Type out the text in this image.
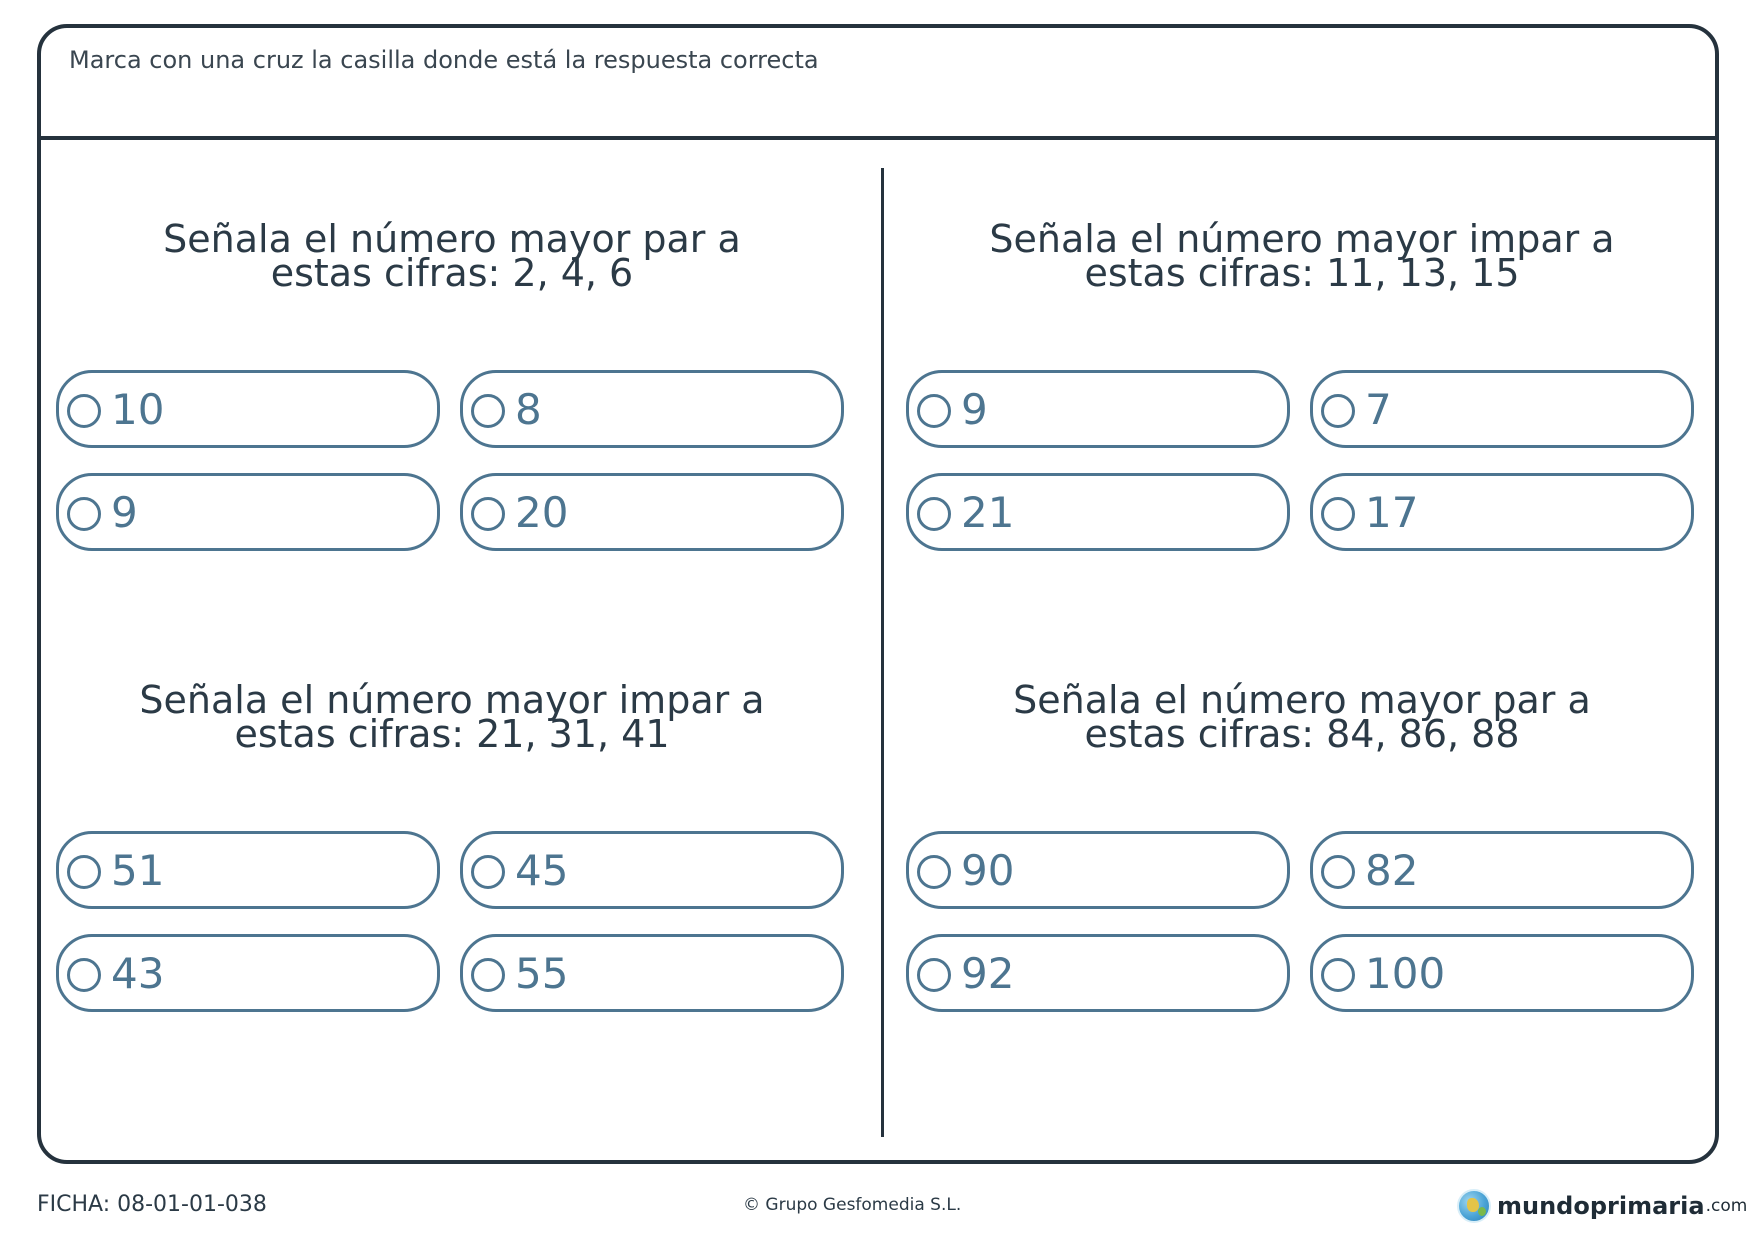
Marca con una cruz la casilla donde está la respuesta correcta
Señala el número mayor par a
estas cifras: 2, 4, 6
10	8
9	20
Señala el número mayor impar a
estas cifras: 11, 13, 15
9	7
21	17
Señala el número mayor impar a
estas cifras: 21, 31, 41
51	45
43	55
Señala el número mayor par a
estas cifras: 84, 86, 88
90	82
92	100
FICHA: 08-01-01-038	© Grupo Gesfomedia S.L.	mundoprimaria .com
